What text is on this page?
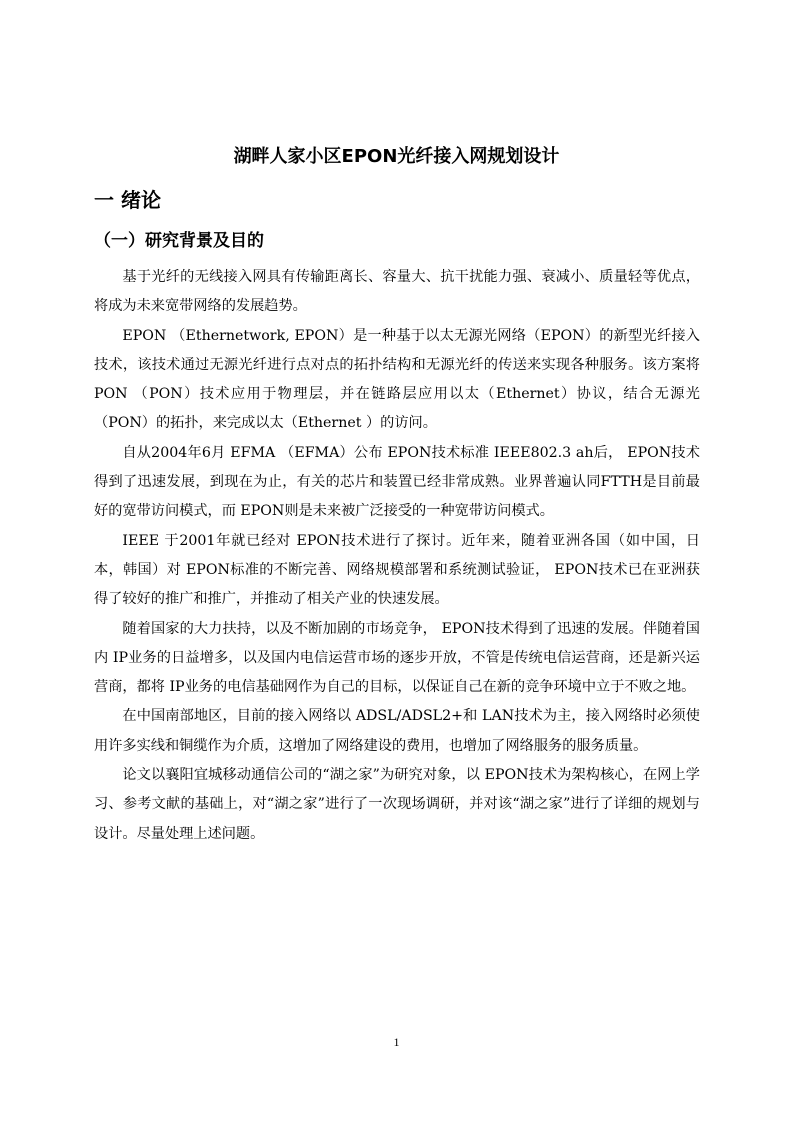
湖畔人家小区EPON光纤接入网规划设计
一 绪论
（一）研究背景及目的

基于光纤的无线接入网具有传输距离长、容量大、抗干扰能力强、衰减小、质量轻等优点，将成为未来宽带网络的发展趋势。

EPON （Ethernetwork, EPON）是一种基于以太无源光网络（EPON）的新型光纤接入技术，该技术通过无源光纤进行点对点的拓扑结构和无源光纤的传送来实现各种服务。该方案将 PON （PON）技术应用于物理层，并在链路层应用以太（Ethernet）协议，结合无源光（PON）的拓扑，来完成以太（Ethernet ）的访问。

自从2004年6月 EFMA （EFMA）公布 EPON技术标准 IEEE802.3 ah后， EPON技术得到了迅速发展，到现在为止，有关的芯片和装置已经非常成熟。业界普遍认同FTTH是目前最好的宽带访问模式，而 EPON则是未来被广泛接受的一种宽带访问模式。

IEEE 于2001年就已经对 EPON技术进行了探讨。近年来，随着亚洲各国（如中国，日本，韩国）对 EPON标准的不断完善、网络规模部署和系统测试验证， EPON技术已在亚洲获得了较好的推广和推广，并推动了相关产业的快速发展。

随着国家的大力扶持，以及不断加剧的市场竞争， EPON技术得到了迅速的发展。伴随着国内 IP业务的日益增多，以及国内电信运营市场的逐步开放，不管是传统电信运营商，还是新兴运营商，都将 IP业务的电信基础网作为自己的目标，以保证自己在新的竞争环境中立于不败之地。

在中国南部地区，目前的接入网络以 ADSL/ADSL2+和 LAN技术为主，接入网络时必须使用许多实线和铜缆作为介质，这增加了网络建设的费用，也增加了网络服务的服务质量。

论文以襄阳宜城移动通信公司的“湖之家”为研究对象，以 EPON技术为架构核心，在网上学习、参考文献的基础上，对“湖之家”进行了一次现场调研，并对该“湖之家”进行了详细的规划与设计。尽量处理上述问题。

1
